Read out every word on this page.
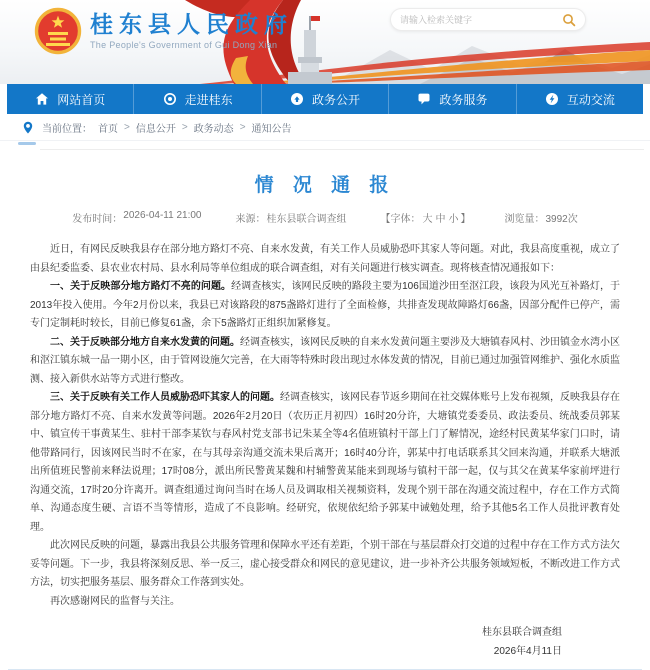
桂东县人民政府
The People's Government of Gui Dong Xian
请输入检索关键字
网站首页	走进桂东	政务公开	政务服务	互动交流
当前位置： 首页 > 信息公开 > 政务动态 > 通知公告
情 况 通 报
发布时间： 2026-04-11 21:00	来源： 桂东县联合调查组	【字体： 大 中 小 】	浏览量： 3992次

近日，有网民反映我县存在部分地方路灯不亮、自来水发黄，有关工作人员威胁恐吓其家人等问题。对此，我县高度重视，成立了由县纪委监委、县农业农村局、县水利局等单位组成的联合调查组，对有关问题进行核实调查。现将核查情况通报如下：

一、关于反映部分地方路灯不亮的问题。经调查核实，该网民反映的路段主要为106国道沙田至沤江段，该段为风光互补路灯，于2013年投入使用。今年2月份以来，我县已对该路段的875盏路灯进行了全面检修，共排查发现故障路灯66盏，因部分配件已停产，需专门定制耗时较长，目前已修复61盏，余下5盏路灯正组织加紧修复。

二、关于反映部分地方自来水发黄的问题。经调查核实，该网民反映的自来水发黄问题主要涉及大塘镇春风村、沙田镇金水湾小区和沤江镇东城一品一期小区，由于管网设施欠完善，在大雨等特殊时段出现过水体发黄的情况，目前已通过加强管网维护、强化水质监测、接入新供水站等方式进行整改。

三、关于反映有关工作人员威胁恐吓其家人的问题。经调查核实，该网民春节返乡期间在社交媒体账号上发布视频，反映我县存在部分地方路灯不亮、自来水发黄等问题。2026年2月20日（农历正月初四）16时20分许，大塘镇党委委员、政法委员、统战委员郭某中、镇宣传干事黄某生、驻村干部李某钦与春风村党支部书记朱某全等4名值班镇村干部上门了解情况，途经村民黄某华家门口时，请他带路同行，因该网民当时不在家，在与其母亲沟通交流未果后离开；16时40分许，郭某中打电话联系其父回来沟通，并联系大塘派出所值班民警前来释法说理；17时08分，派出所民警黄某魏和村辅警黄某能来到现场与镇村干部一起，仅与其父在黄某华家前坪进行沟通交流，17时20分许离开。调查组通过询问当时在场人员及调取相关视频资料，发现个别干部在沟通交流过程中，存在工作方式简单、沟通态度生硬、言语不当等情形，造成了不良影响。经研究，依规依纪给予郭某中诫勉处理，给予其他5名工作人员批评教育处理。

此次网民反映的问题，暴露出我县公共服务管理和保障水平还有差距，个别干部在与基层群众打交道的过程中存在工作方式方法欠妥等问题。下一步，我县将深刻反思、举一反三，虚心接受群众和网民的意见建议，进一步补齐公共服务领域短板，不断改进工作方式方法，切实把服务基层、服务群众工作落到实处。

再次感谢网民的监督与关注。

桂东县联合调查组
2026年4月11日
